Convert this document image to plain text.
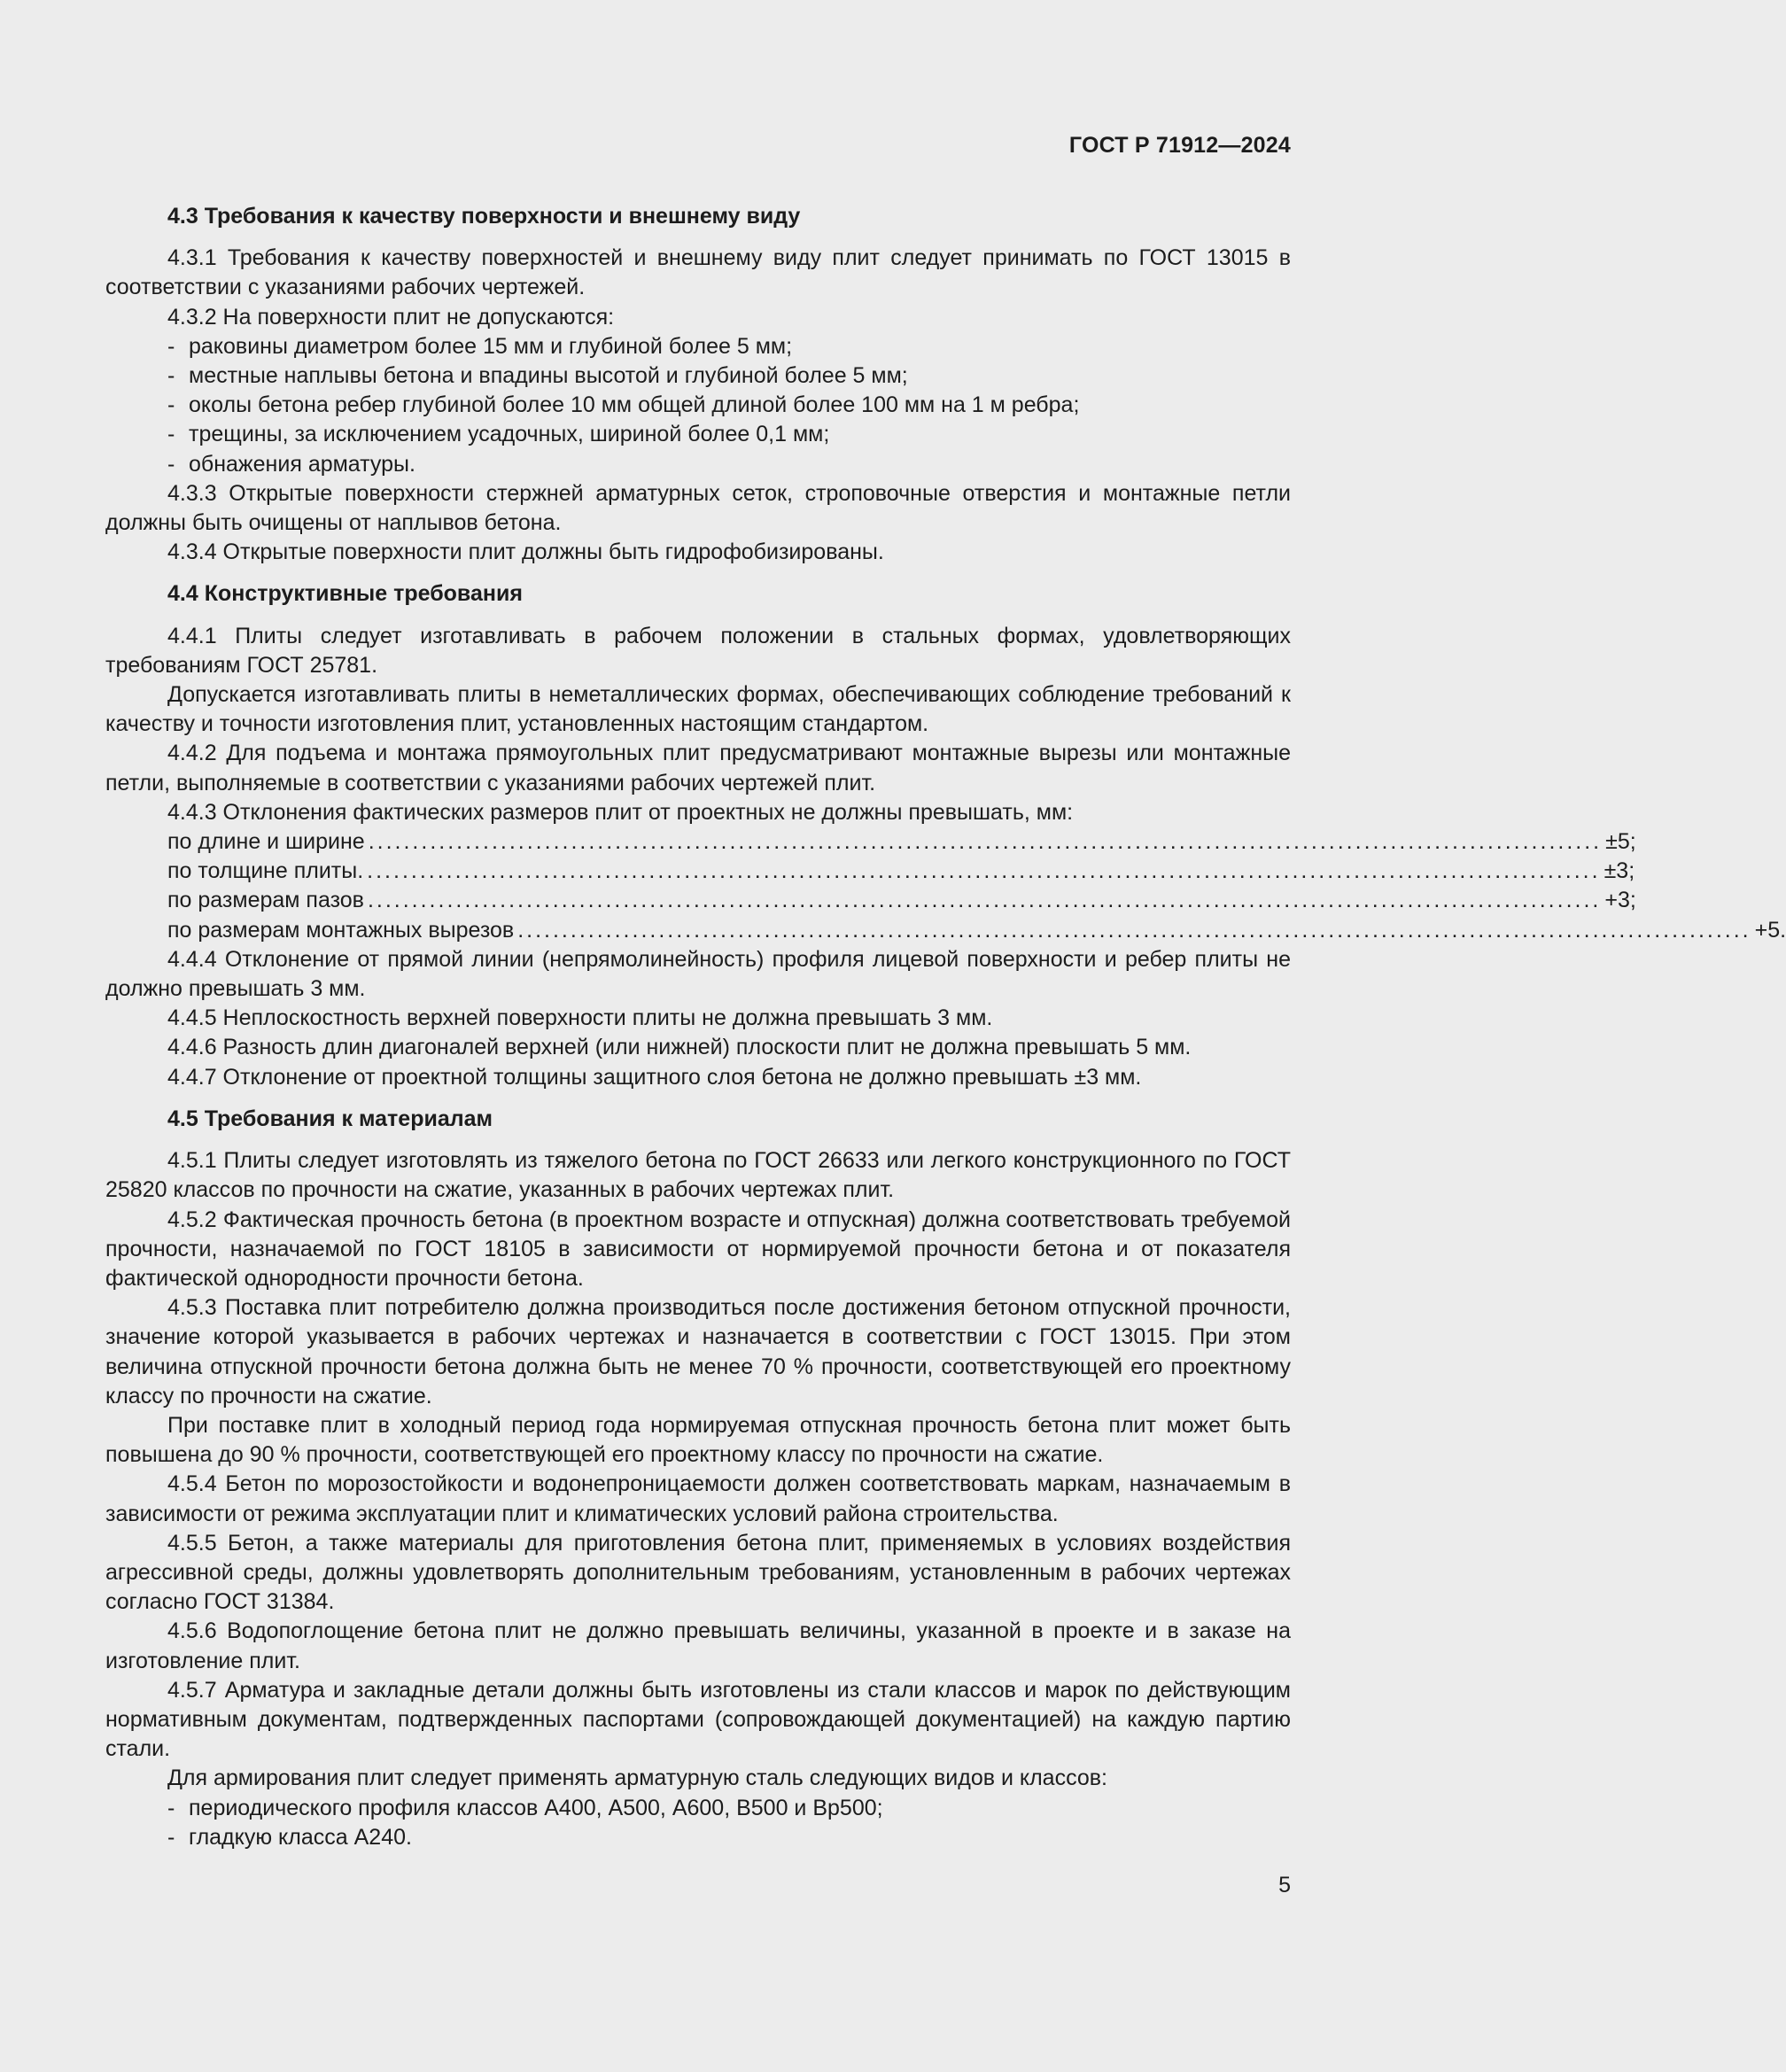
ГОСТ Р 71912—2024
4.3 Требования к качеству поверхности и внешнему виду

4.3.1 Требования к качеству поверхностей и внешнему виду плит следует принимать по ГОСТ 13015 в соответствии с указаниями рабочих чертежей.

4.3.2 На поверхности плит не допускаются:

- раковины диаметром более 15 мм и глубиной более 5 мм;
- местные наплывы бетона и впадины высотой и глубиной более 5 мм;
- околы бетона ребер глубиной более 10 мм общей длиной более 100 мм на 1 м ребра;
- трещины, за исключением усадочных, шириной более 0,1 мм;
- обнажения арматуры.

4.3.3 Открытые поверхности стержней арматурных сеток, строповочные отверстия и монтажные петли должны быть очищены от наплывов бетона.

4.3.4 Открытые поверхности плит должны быть гидрофобизированы.

4.4 Конструктивные требования

4.4.1 Плиты следует изготавливать в рабочем положении в стальных формах, удовлетворяющих требованиям ГОСТ 25781.

Допускается изготавливать плиты в неметаллических формах, обеспечивающих соблюдение требований к качеству и точности изготовления плит, установленных настоящим стандартом.

4.4.2 Для подъема и монтажа прямоугольных плит предусматривают монтажные вырезы или монтажные петли, выполняемые в соответствии с указаниями рабочих чертежей плит.

4.4.3 Отклонения фактических размеров плит от проектных не должны превышать, мм:

по длине и ширине ............................................................................................................................................ ±5;
по толщине плиты. ............................................................................................................................................ ±3;
по размерам пазов ............................................................................................................................................ +3;
по размерам монтажных вырезов ............................................................................................................................................ +5.

4.4.4 Отклонение от прямой линии (непрямолинейность) профиля лицевой поверхности и ребер плиты не должно превышать 3 мм.

4.4.5 Неплоскостность верхней поверхности плиты не должна превышать 3 мм.

4.4.6 Разность длин диагоналей верхней (или нижней) плоскости плит не должна превышать 5 мм.

4.4.7 Отклонение от проектной толщины защитного слоя бетона не должно превышать ±3 мм.

4.5 Требования к материалам

4.5.1 Плиты следует изготовлять из тяжелого бетона по ГОСТ 26633 или легкого конструкционного по ГОСТ 25820 классов по прочности на сжатие, указанных в рабочих чертежах плит.

4.5.2 Фактическая прочность бетона (в проектном возрасте и отпускная) должна соответствовать требуемой прочности, назначаемой по ГОСТ 18105 в зависимости от нормируемой прочности бетона и от показателя фактической однородности прочности бетона.

4.5.3 Поставка плит потребителю должна производиться после достижения бетоном отпускной прочности, значение которой указывается в рабочих чертежах и назначается в соответствии с ГОСТ 13015. При этом величина отпускной прочности бетона должна быть не менее 70 % прочности, соответствующей его проектному классу по прочности на сжатие.

При поставке плит в холодный период года нормируемая отпускная прочность бетона плит может быть повышена до 90 % прочности, соответствующей его проектному классу по прочности на сжатие.

4.5.4 Бетон по морозостойкости и водонепроницаемости должен соответствовать маркам, назначаемым в зависимости от режима эксплуатации плит и климатических условий района строительства.

4.5.5 Бетон, а также материалы для приготовления бетона плит, применяемых в условиях воздействия агрессивной среды, должны удовлетворять дополнительным требованиям, установленным в рабочих чертежах согласно ГОСТ 31384.

4.5.6 Водопоглощение бетона плит не должно превышать величины, указанной в проекте и в заказе на изготовление плит.

4.5.7 Арматура и закладные детали должны быть изготовлены из стали классов и марок по действующим нормативным документам, подтвержденных паспортами (сопровождающей документацией) на каждую партию стали.

Для армирования плит следует применять арматурную сталь следующих видов и классов:

- периодического профиля классов А400, А500, А600, В500 и Вр500;
- гладкую класса А240.
5
